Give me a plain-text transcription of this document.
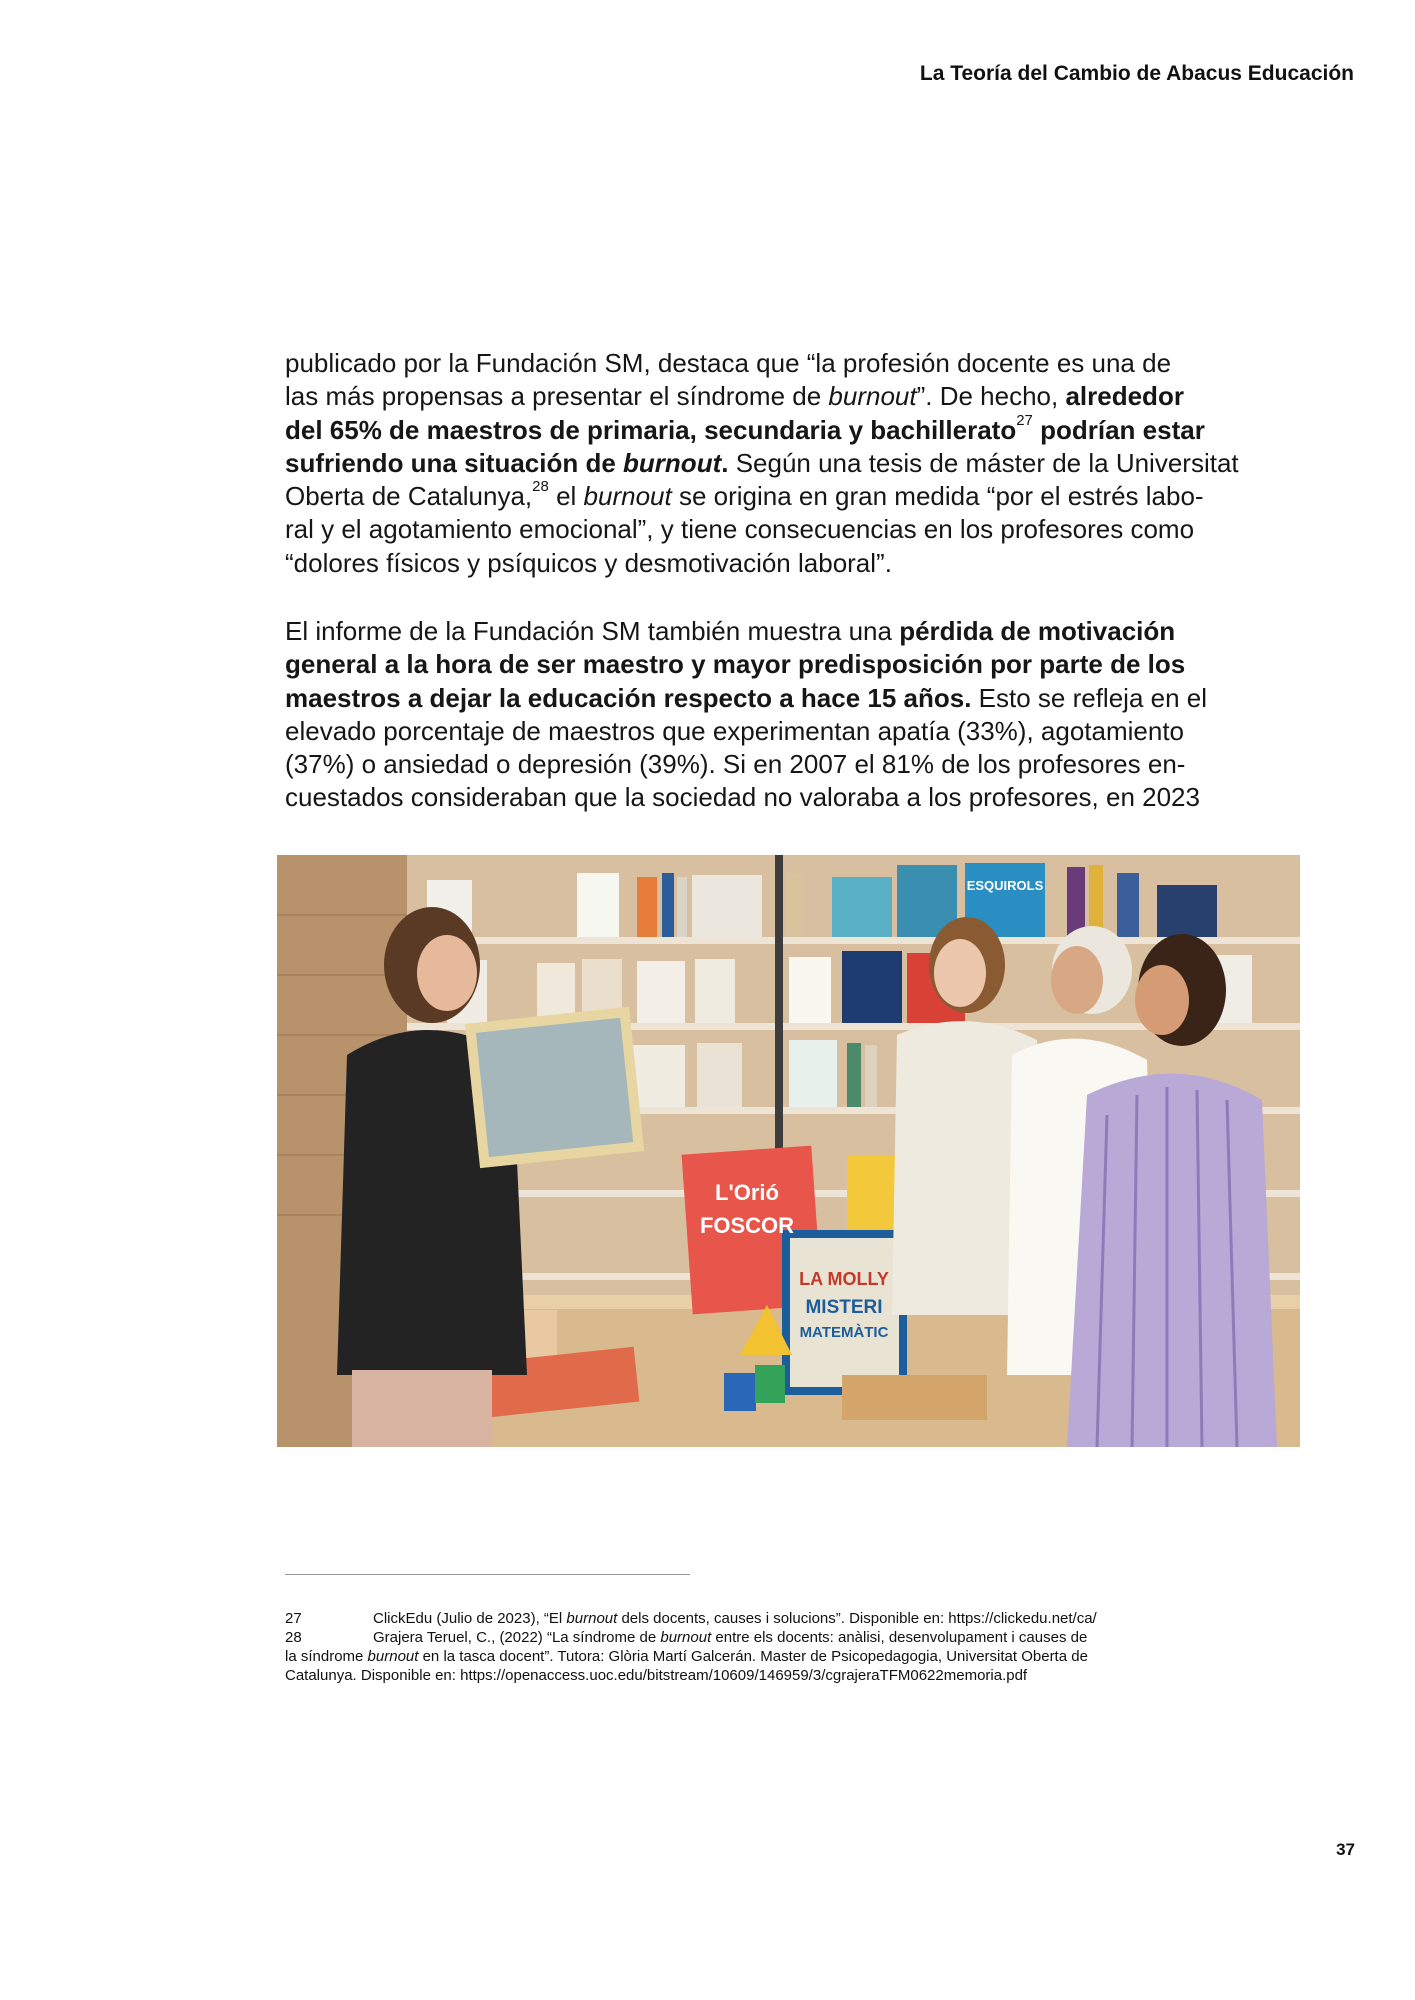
La Teoría del Cambio de Abacus Educación
publicado por la Fundación SM, destaca que “la profesión docente es una de
las más propensas a presentar el síndrome de burnout”. De hecho, alrededor
del 65% de maestros de primaria, secundaria y bachillerato$^{27}$ podrían estar
sufriendo una situación de burnout. Según una tesis de máster de la Universitat
Oberta de Catalunya,$^{28}$ el burnout se origina en gran medida “por el estrés labo-
ral y el agotamiento emocional”, y tiene consecuencias en los profesores como
“dolores físicos y psíquicos y desmotivación laboral”.
El informe de la Fundación SM también muestra una pérdida de motivación
general a la hora de ser maestro y mayor predisposición por parte de los
maestros a dejar la educación respecto a hace 15 años. Esto se refleja en el
elevado porcentaje de maestros que experimentan apatía (33%), agotamiento
(37%) o ansiedad o depresión (39%). Si en 2007 el 81% de los profesores en-
cuestados consideraban que la sociedad no valoraba a los profesores, en 2023
ESQUIROLS
L'Orió
FOSCOR
LA MOLLY
MISTERI
MATEMÀTIC
27	ClickEdu (Julio de 2023), “El burnout dels docents, causes i solucions”. Disponible en: https://clickedu.net/ca/
28	Grajera Teruel, C., (2022) “La síndrome de burnout entre els docents: anàlisi, desenvolupament i causes de
la síndrome burnout en la tasca docent”. Tutora: Glòria Martí Galcerán. Master de Psicopedagogia, Universitat Oberta de
Catalunya. Disponible en: https://openaccess.uoc.edu/bitstream/10609/146959/3/cgrajeraTFM0622memoria.pdf
37
